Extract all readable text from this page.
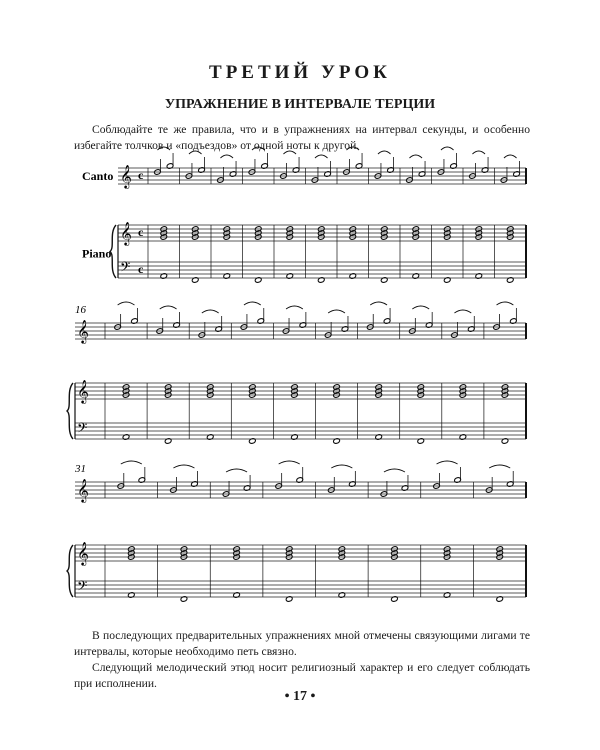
ТРЕТИЙ УРОК
УПРАЖНЕНИЕ В ИНТЕРВАЛЕ ТЕРЦИИ

Соблюдайте те же правила, что и в упражнениях на интервал секунды, и особенно избегайте толчков и «подъездов» от одной ноты к другой.

𝄞
𝄞
𝄢
c
c
c
Canto
Piano
𝄞
𝄞
𝄢
16
𝄞
𝄞
𝄢
31

В последующих предварительных упражнениях мной отмечены связующими лигами те интервалы, которые необходимо петь связно.

Следующий мелодический этюд носит религиозный характер и его следует соблюдать при исполнении.

• 17 •
